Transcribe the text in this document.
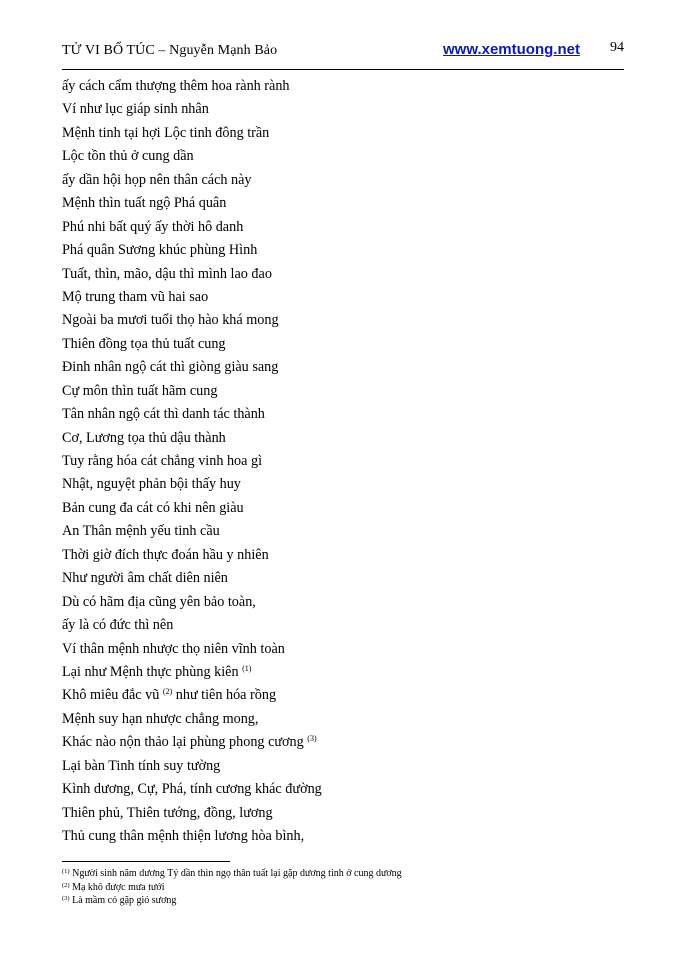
TỬ VI BỔ TÚC – Nguyễn Mạnh Bảo	www.xemtuong.net 94
ấy cách cẩm thượng thêm hoa rành rành
Ví như lục giáp sinh nhân
Mệnh tinh tại hợi Lộc tinh đông trần
Lộc tồn thủ ở cung dần
ấy dần hội họp nên thân cách này
Mệnh thìn tuất ngộ Phá quân
Phú nhi bất quý ấy thời hô danh
Phá quân Sương khúc phùng Hình
Tuất, thìn, mão, dậu thì mình lao đao
Mộ trung tham vũ hai sao
Ngoài ba mươi tuổi thọ hào khá mong
Thiên đồng tọa thủ tuất cung
Đinh nhân ngộ cát thì giòng giàu sang
Cự môn thìn tuất hãm cung
Tân nhân ngộ cát thì danh tác thành
Cơ, Lương tọa thủ dậu thành
Tuy rằng hóa cát chẳng vinh hoa gì
Nhật, nguyệt phản bội thấy huy
Bản cung đa cát có khi nên giàu
An Thân mệnh yếu tinh cầu
Thời giờ đích thực đoán hầu y nhiên
Như người âm chất diên niên
Dù có hãm địa cũng yên bảo toàn,
ấy là có đức thì nên
Ví thân mệnh nhược thọ niên vĩnh toàn
Lại như Mệnh thực phùng kiên $^{(1)}$
Khô miêu đắc vũ $^{(2)}$ như tiên hóa rồng
Mệnh suy hạn nhược chẳng mong,
Khác nào nộn thảo lại phùng phong cương $^{(3)}$
Lại bàn Tinh tính suy tường
Kình dương, Cự, Phá, tính cương khác đường
Thiên phủ, Thiên tướng, đồng, lương
Thủ cung thân mệnh thiện lương hòa bình,
$^{(1)}$ Người sinh năm dương Tý dần thìn ngọ thân tuất lại gặp dương tinh ở cung dương
$^{(2)}$ Mạ khô được mưa tưới
$^{(3)}$ Là mầm cỏ gặp gió sương
